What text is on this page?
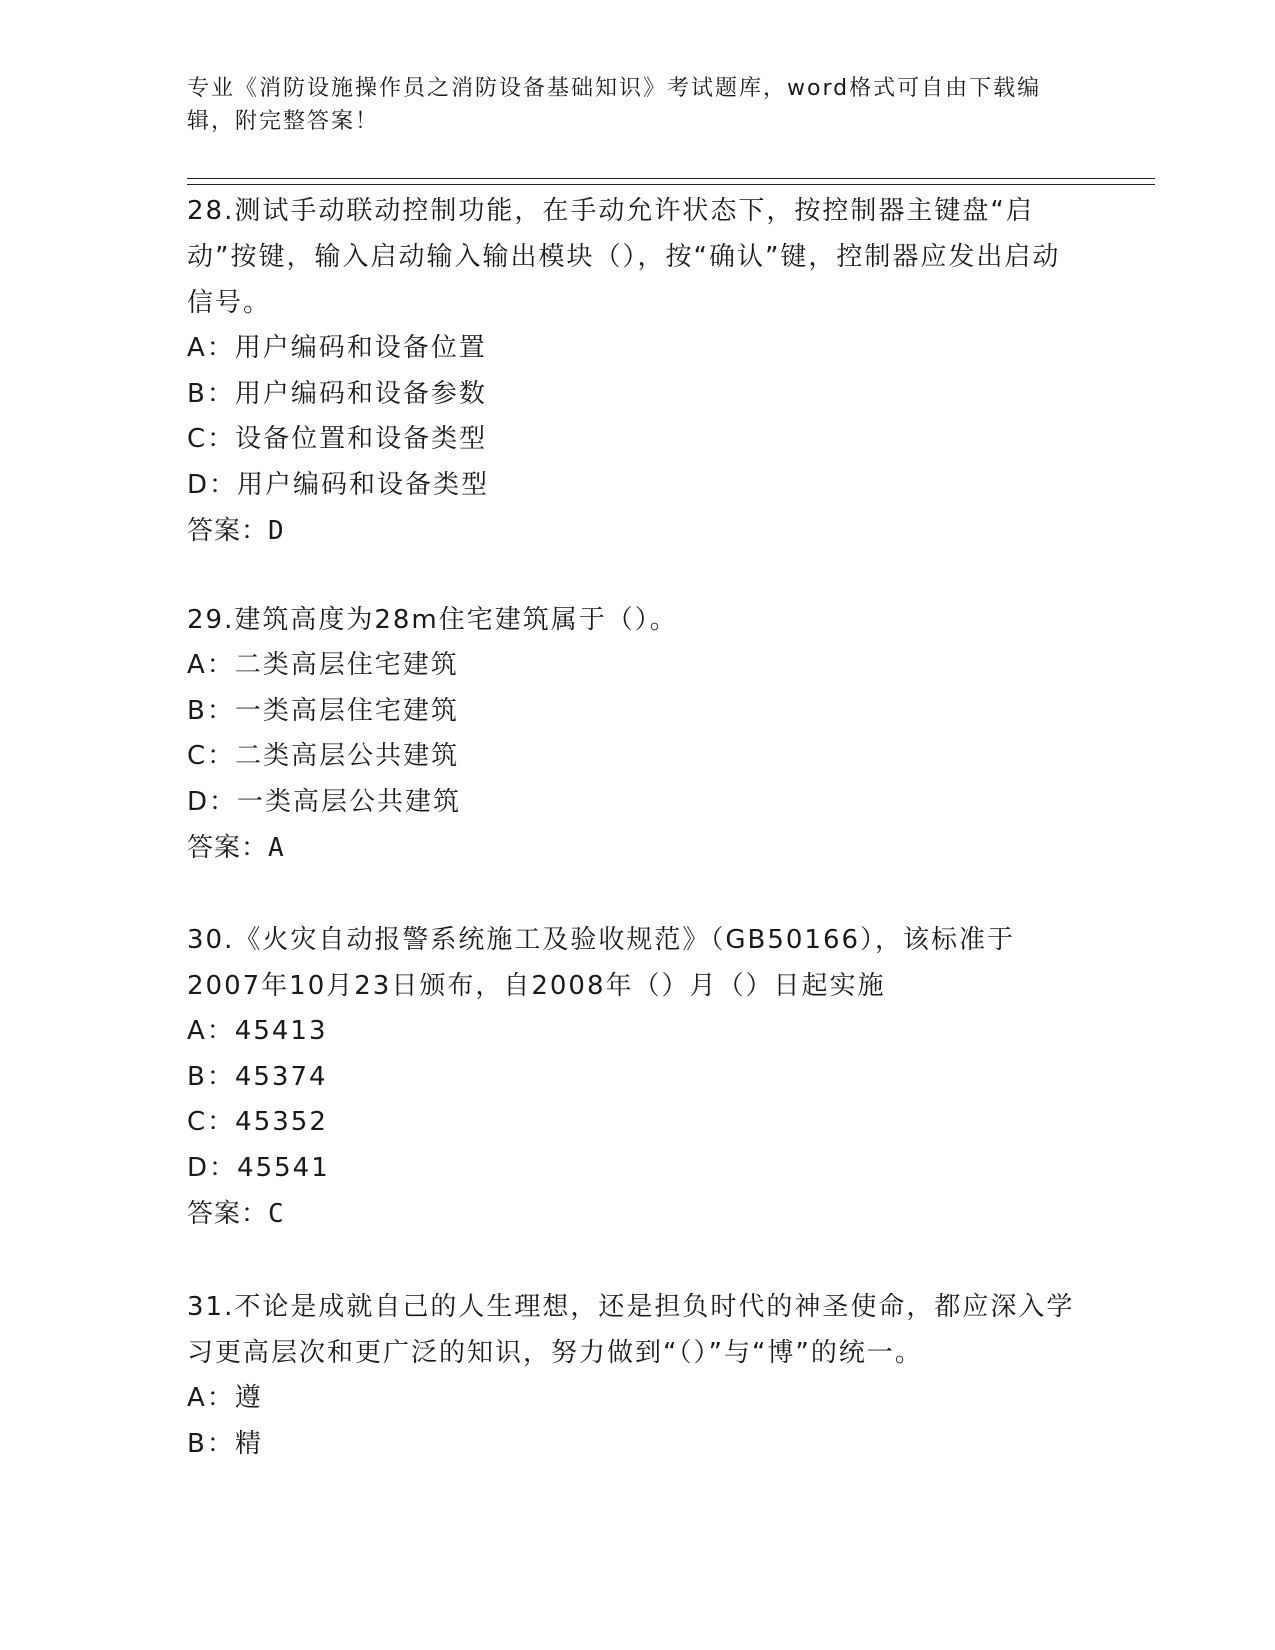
专业《消防设施操作员之消防设备基础知识》考试题库，word格式可自由下载编辑，附完整答案！

28.测试手动联动控制功能，在手动允许状态下，按控制器主键盘“启动”按键，输入启动输入输出模块（），按“确认”键，控制器应发出启动信号。

A：用户编码和设备位置

B：用户编码和设备参数

C：设备位置和设备类型

D：用户编码和设备类型

答案：D

29.建筑高度为28m住宅建筑属于（）。

A：二类高层住宅建筑

B：一类高层住宅建筑

C：二类高层公共建筑

D：一类高层公共建筑

答案：A

30.《火灾自动报警系统施工及验收规范》（GB50166），该标准于2007年10月23日颁布，自2008年（）月（）日起实施

A：45413

B：45374

C：45352

D：45541

答案：C

31.不论是成就自己的人生理想，还是担负时代的神圣使命，都应深入学习更高层次和更广泛的知识，努力做到“（）”与“博”的统一。

A：遵

B：精
